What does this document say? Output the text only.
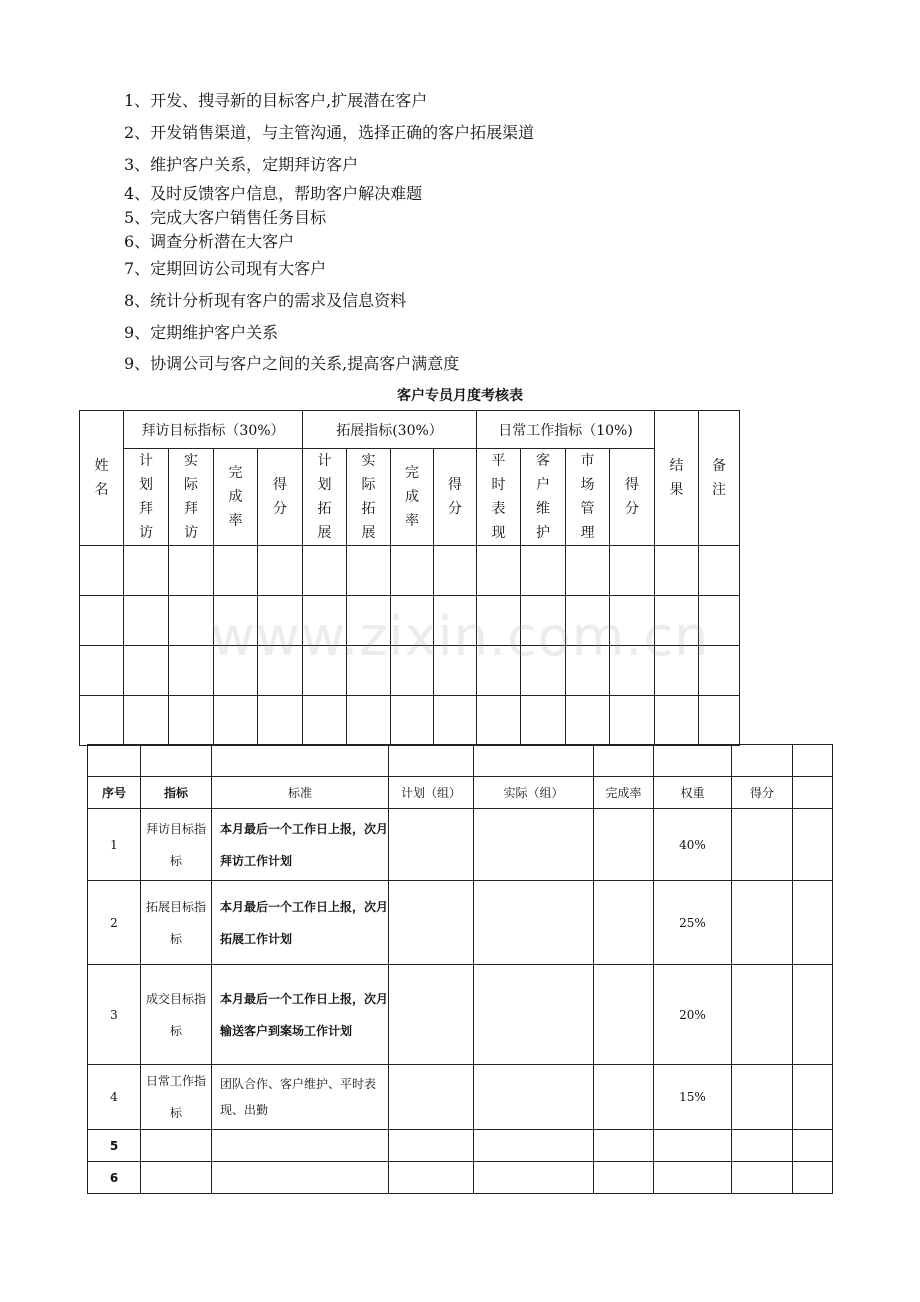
1、开发、搜寻新的目标客户,扩展潜在客户
2、开发销售渠道，与主管沟通，选择正确的客户拓展渠道
3、维护客户关系，定期拜访客户
4、及时反馈客户信息，帮助客户解决难题
5、完成大客户销售任务目标
6、调查分析潜在大客户
7、定期回访公司现有大客户
8、统计分析现有客户的需求及信息资料
9、定期维护客户关系
9、协调公司与客户之间的关系,提高客户满意度
客户专员月度考核表
姓名	拜访目标指标（30%）				拓展指标(30%）				日常工作指标（10%)				结果	备注
	计划拜访	实际拜访	完成率	得分	计划拓展	实际拓展	完成率	得分	平时表现	客户维护	市场管理	得分		

序号	指标	标准	计划（组）	实际（组）	完成率	权重	得分	
1	拜访目标指标	本月最后一个工作日上报，次月拜访工作计划				40%		
2	拓展目标指标	本月最后一个工作日上报，次月拓展工作计划				25%		
3	成交目标指标	本月最后一个工作日上报，次月输送客户到案场工作计划				20%		
4	日常工作指标	团队合作、客户维护、平时表现、出勤				15%		
5								
6								
www.zixin.com.cn
